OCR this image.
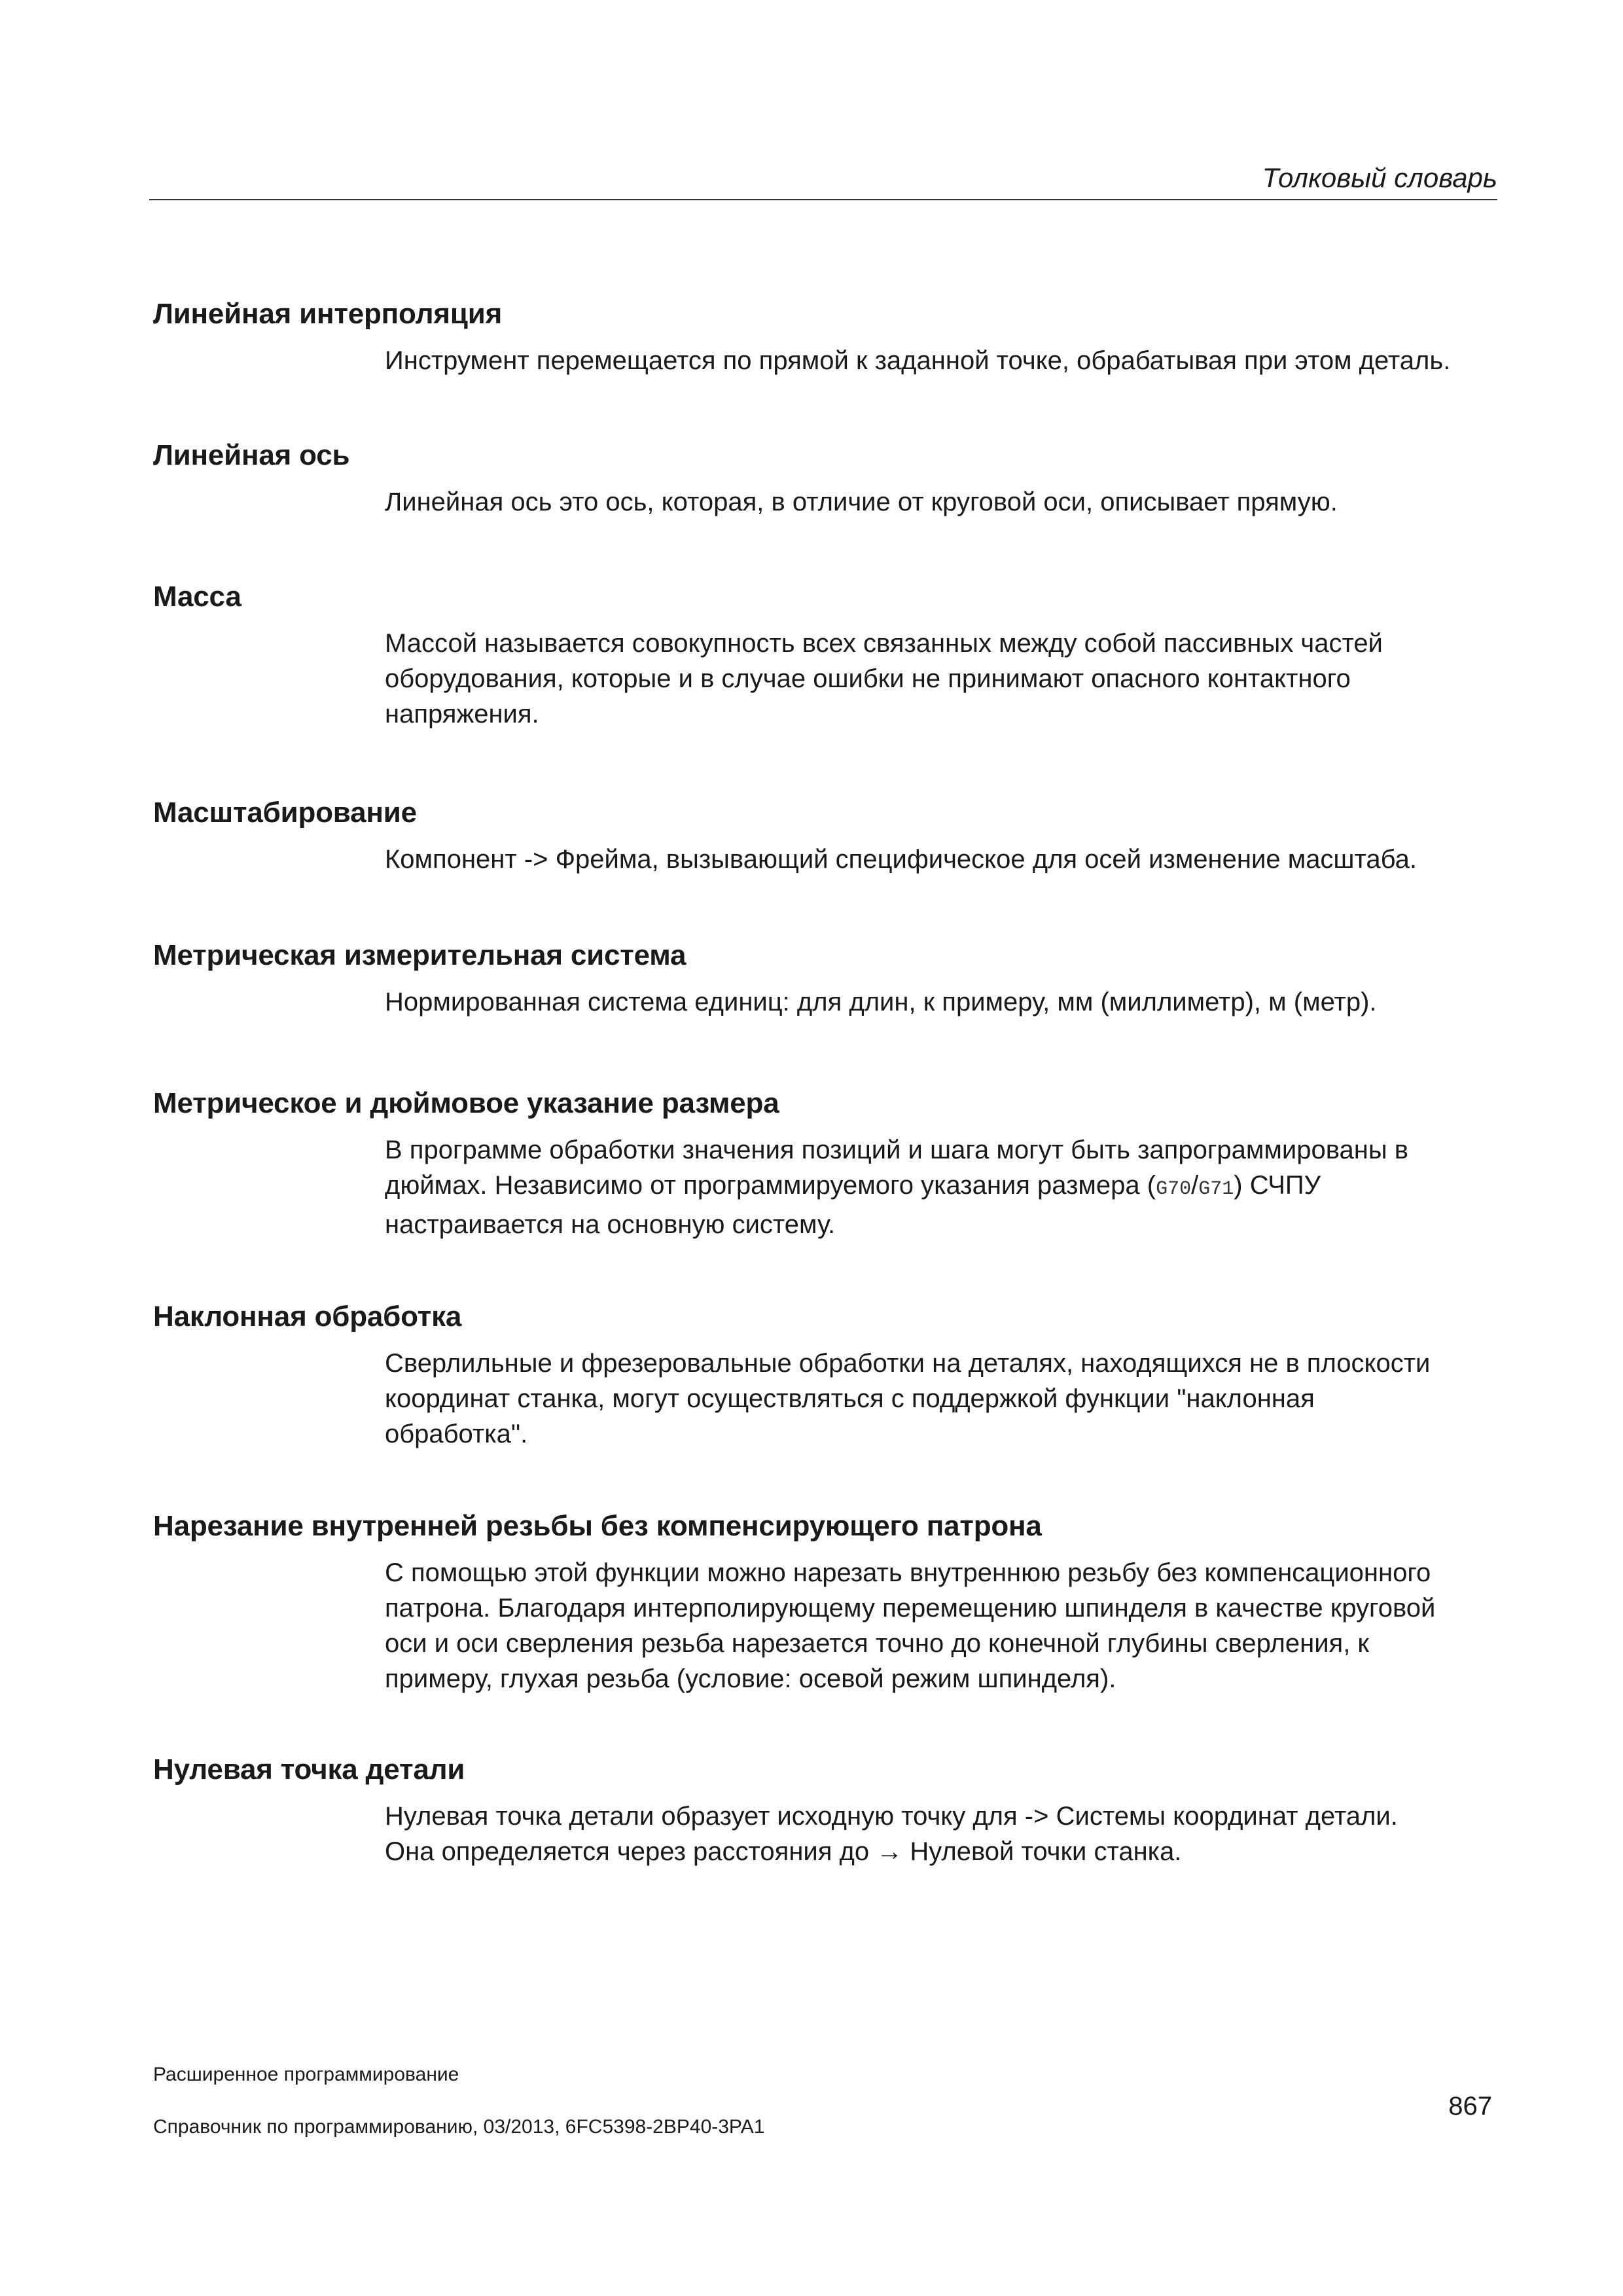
Толковый словарь
Линейная интерполяция

Инструмент перемещается по прямой к заданной точке, обрабатывая при этом деталь.

Линейная ось

Линейная ось это ось, которая, в отличие от круговой оси, описывает прямую.

Масса

Массой называется совокупность всех связанных между собой пассивных частей
оборудования, которые и в случае ошибки не принимают опасного контактного
напряжения.

Масштабирование

Компонент -> Фрейма, вызывающий специфическое для осей изменение масштаба.

Метрическая измерительная система

Нормированная система единиц: для длин, к примеру, мм (миллиметр), м (метр).

Метрическое и дюймовое указание размера

В программе обработки значения позиций и шага могут быть запрограммированы в
дюймах. Независимо от программируемого указания размера (G70/G71) СЧПУ
настраивается на основную систему.

Наклонная обработка

Сверлильные и фрезеровальные обработки на деталях, находящихся не в плоскости
координат станка, могут осуществляться с поддержкой функции "наклонная
обработка".

Нарезание внутренней резьбы без компенсирующего патрона

С помощью этой функции можно нарезать внутреннюю резьбу без компенсационного
патрона. Благодаря интерполирующему перемещению шпинделя в качестве круговой
оси и оси сверления резьба нарезается точно до конечной глубины сверления, к
примеру, глухая резьба (условие: осевой режим шпинделя).

Нулевая точка детали

Нулевая точка детали образует исходную точку для -> Системы координат детали.
Она определяется через расстояния до → Нулевой точки станка.

Расширенное программирование
Справочник по программированию, 03/2013, 6FC5398-2BP40-3PA1
867
